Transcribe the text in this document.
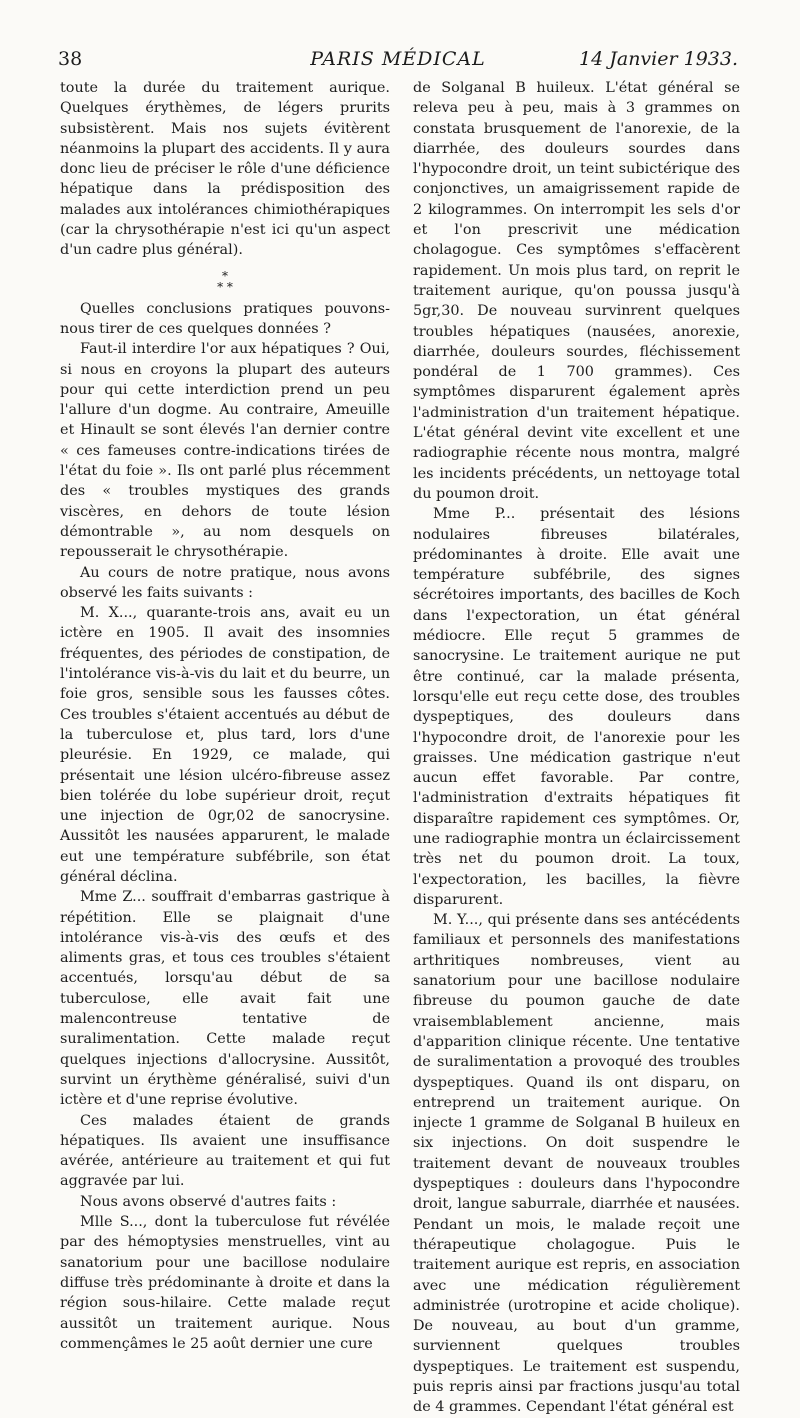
38	PARIS MÉDICAL	14 Janvier 1933.

toute la durée du traitement aurique. Quelques érythèmes, de légers prurits subsistèrent. Mais nos sujets évitèrent néanmoins la plupart des accidents. Il y aura donc lieu de préciser le rôle d'une déficience hépatique dans la prédisposition des malades aux intolérances chimiothérapiques (car la chrysothérapie n'est ici qu'un aspect d'un cadre plus général).

*
* *

Quelles conclusions pratiques pouvons-nous tirer de ces quelques données ?

Faut-il interdire l'or aux hépatiques ? Oui, si nous en croyons la plupart des auteurs pour qui cette interdiction prend un peu l'allure d'un dogme. Au contraire, Ameuille et Hinault se sont élevés l'an dernier contre « ces fameuses contre-indications tirées de l'état du foie ». Ils ont parlé plus récemment des « troubles mystiques des grands viscères, en dehors de toute lésion démontrable », au nom desquels on repousserait le chrysothérapie.

Au cours de notre pratique, nous avons observé les faits suivants :

M. X..., quarante-trois ans, avait eu un ictère en 1905. Il avait des insomnies fréquentes, des périodes de constipation, de l'intolérance vis-à-vis du lait et du beurre, un foie gros, sensible sous les fausses côtes. Ces troubles s'étaient accentués au début de la tuberculose et, plus tard, lors d'une pleurésie. En 1929, ce malade, qui présentait une lésion ulcéro-fibreuse assez bien tolérée du lobe supérieur droit, reçut une injection de 0gr,02 de sanocrysine. Aussitôt les nausées apparurent, le malade eut une température subfébrile, son état général déclina.

Mme Z... souffrait d'embarras gastrique à répétition. Elle se plaignait d'une intolérance vis-à-vis des œufs et des aliments gras, et tous ces troubles s'étaient accentués, lorsqu'au début de sa tuberculose, elle avait fait une malencontreuse tentative de suralimentation. Cette malade reçut quelques injections d'allocrysine. Aussitôt, survint un érythème généralisé, suivi d'un ictère et d'une reprise évolutive.

Ces malades étaient de grands hépatiques. Ils avaient une insuffisance avérée, antérieure au traitement et qui fut aggravée par lui.

Nous avons observé d'autres faits :

Mlle S..., dont la tuberculose fut révélée par des hémoptysies menstruelles, vint au sanatorium pour une bacillose nodulaire diffuse très prédominante à droite et dans la région sous-hilaire. Cette malade reçut aussitôt un traitement aurique. Nous commençâmes le 25 août dernier une cure

de Solganal B huileux. L'état général se releva peu à peu, mais à 3 grammes on constata brusquement de l'anorexie, de la diarrhée, des douleurs sourdes dans l'hypocondre droit, un teint subictérique des conjonctives, un amaigrissement rapide de 2 kilogrammes. On interrompit les sels d'or et l'on prescrivit une médication cholagogue. Ces symptômes s'effacèrent rapidement. Un mois plus tard, on reprit le traitement aurique, qu'on poussa jusqu'à 5gr,30. De nouveau survinrent quelques troubles hépatiques (nausées, anorexie, diarrhée, douleurs sourdes, fléchissement pondéral de 1 700 grammes). Ces symptômes disparurent également après l'administration d'un traitement hépatique. L'état général devint vite excellent et une radiographie récente nous montra, malgré les incidents précédents, un nettoyage total du poumon droit.

Mme P... présentait des lésions nodulaires fibreuses bilatérales, prédominantes à droite. Elle avait une température subfébrile, des signes sécrétoires importants, des bacilles de Koch dans l'expectoration, un état général médiocre. Elle reçut 5 grammes de sanocrysine. Le traitement aurique ne put être continué, car la malade présenta, lorsqu'elle eut reçu cette dose, des troubles dyspeptiques, des douleurs dans l'hypocondre droit, de l'anorexie pour les graisses. Une médication gastrique n'eut aucun effet favorable. Par contre, l'administration d'extraits hépatiques fit disparaître rapidement ces symptômes. Or, une radiographie montra un éclaircissement très net du poumon droit. La toux, l'expectoration, les bacilles, la fièvre disparurent.

M. Y..., qui présente dans ses antécédents familiaux et personnels des manifestations arthritiques nombreuses, vient au sanatorium pour une bacillose nodulaire fibreuse du poumon gauche de date vraisemblablement ancienne, mais d'apparition clinique récente. Une tentative de suralimentation a provoqué des troubles dyspeptiques. Quand ils ont disparu, on entreprend un traitement aurique. On injecte 1 gramme de Solganal B huileux en six injections. On doit suspendre le traitement devant de nouveaux troubles dyspeptiques : douleurs dans l'hypocondre droit, langue saburrale, diarrhée et nausées. Pendant un mois, le malade reçoit une thérapeutique cholagogue. Puis le traitement aurique est repris, en association avec une médication régulièrement administrée (urotropine et acide cholique). De nouveau, au bout d'un gramme, surviennent quelques troubles dyspeptiques. Le traitement est suspendu, puis repris ainsi par fractions jusqu'au total de 4 grammes. Cependant l'état général est
